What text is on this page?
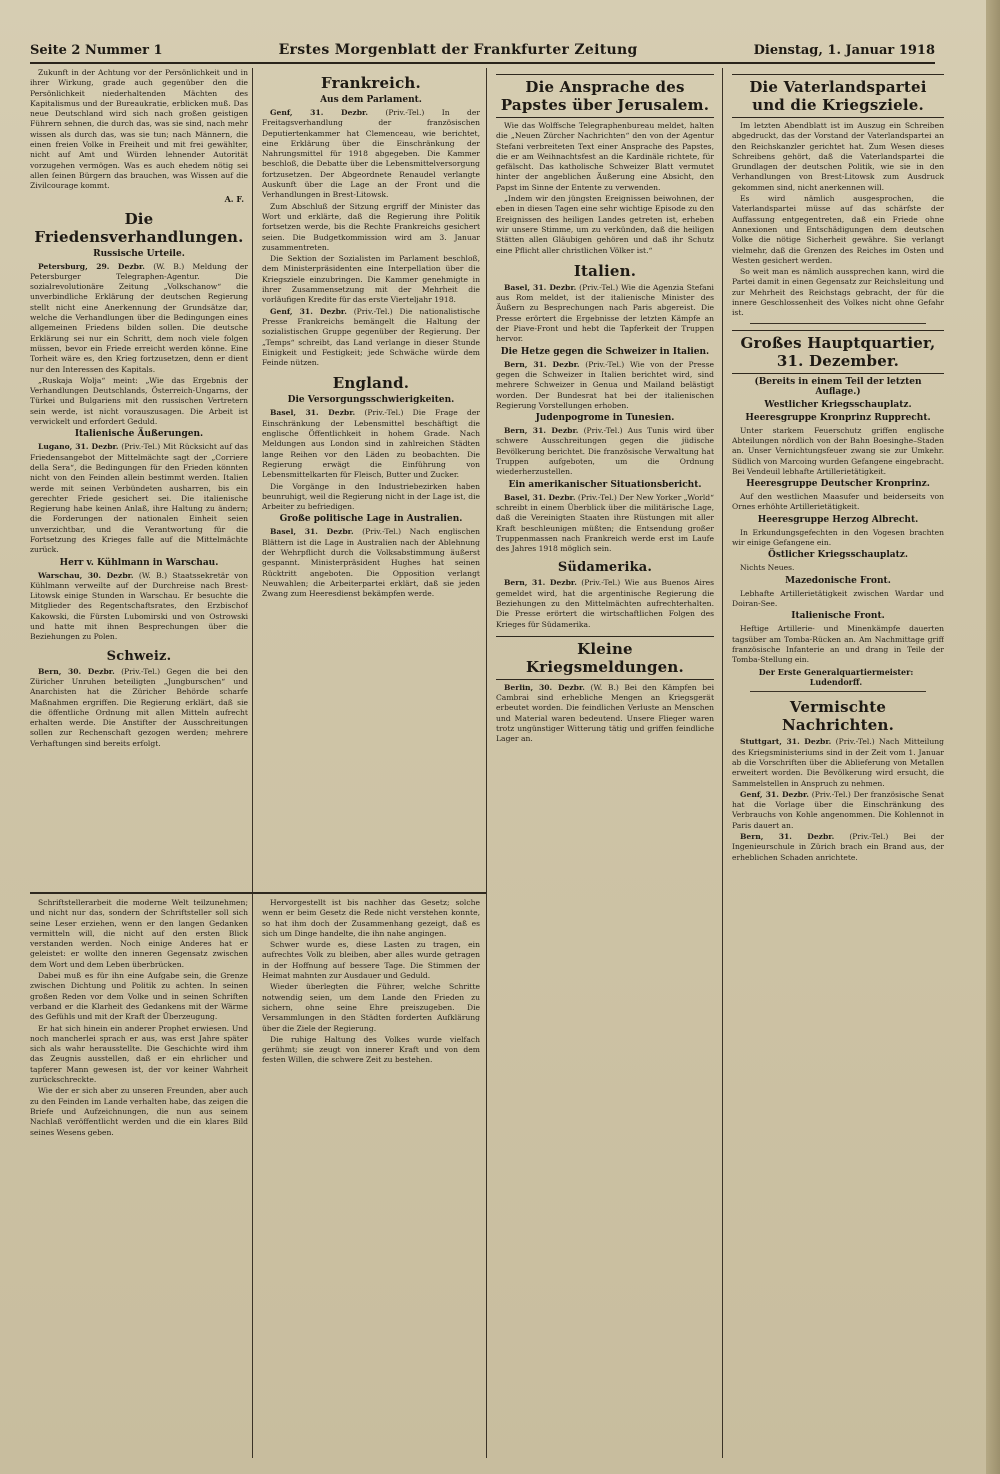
Seite 2 Nummer 1	Erstes Morgenblatt der Frankfurter Zeitung	Dienstag, 1. Januar 1918

Zukunft in der Achtung vor der Persönlichkeit und in ihrer Wirkung, grade auch gegenüber den die Persönlichkeit niederhaltenden Mächten des Kapitalismus und der Bureaukratie, erblicken muß. Das neue Deutschland wird sich nach großen geistigen Führern sehnen, die durch das, was sie sind, nach mehr wissen als durch das, was sie tun; nach Männern, die einen freien Volke in Freiheit und mit frei gewählter, nicht auf Amt und Würden lehnender Autorität vorzugehen vermögen. Was es auch ehedem nötig sei allen ſeinen Bürgern das brauchen, was Wissen auf die Zivilcourage kommt.

A. F.
Die Friedensverhandlungen.
Russische Urteile.

Petersburg, 29. Dezbr. (W. B.) Meldung der Petersburger Telegraphen-Agentur. Die sozialrevolutionäre Zeitung „Volkschanow“ die unverbindliche Erklärung der deutschen Regierung stellt nicht eine Anerkennung der Grundsätze dar, welche die Verhandlungen über die Bedingungen eines allgemeinen Friedens bilden sollen. Die deutsche Erklärung sei nur ein Schritt, dem noch viele folgen müssen, bevor ein Friede erreicht werden könne. Eine Torheit wäre es, den Krieg fortzusetzen, denn er dient nur den Interessen des Kapitals.

„Ruskaja Wolja“ meint: „Wie das Ergebnis der Verhandlungen Deutschlands, Österreich-Ungarns, der Türkei und Bulgariens mit den russischen Vertretern sein werde, ist nicht vorauszusagen. Die Arbeit ist verwickelt und erfordert Geduld.

Italienische Äußerungen.

Lugano, 31. Dezbr. (Priv.-Tel.) Mit Rücksicht auf das Friedensangebot der Mittelmächte sagt der „Corriere della Sera“, die Bedingungen für den Frieden könnten nicht von den Feinden allein bestimmt werden. Italien werde mit seinen Verbündeten ausharren, bis ein gerechter Friede gesichert sei. Die italienische Regierung habe keinen Anlaß, ihre Haltung zu ändern; die Forderungen der nationalen Einheit seien unverzichtbar, und die Verantwortung für die Fortsetzung des Krieges falle auf die Mittelmächte zurück.

Herr v. Kühlmann in Warschau.

Warschau, 30. Dezbr. (W. B.) Staatssekretär von Kühlmann verweilte auf der Durchreise nach Brest-Litowsk einige Stunden in Warschau. Er besuchte die Mitglieder des Regentschaftsrates, den Erzbischof Kakowski, die Fürsten Lubomirski und von Ostrowski und hatte mit ihnen Besprechungen über die Beziehungen zu Polen.

Schweiz.

Bern, 30. Dezbr. (Priv.-Tel.) Gegen die bei den Züricher Unruhen beteiligten „Jungburschen“ und Anarchisten hat die Züricher Behörde scharfe Maßnahmen ergriffen. Die Regierung erklärt, daß sie die öffentliche Ordnung mit allen Mitteln aufrecht erhalten werde. Die Anstifter der Ausschreitungen sollen zur Rechenschaft gezogen werden; mehrere Verhaftungen sind bereits erfolgt.

Schriftstellerarbeit die moderne Welt teilzunehmen; und nicht nur das, sondern der Schriftsteller soll sich seine Leser erziehen, wenn er den langen Gedanken vermitteln will, die nicht auf den ersten Blick verstanden werden. Noch einige Anderes hat er geleistet: er wollte den inneren Gegensatz zwischen dem Wort und dem Leben überbrücken.

Dabei muß es für ihn eine Aufgabe sein, die Grenze zwischen Dichtung und Politik zu achten. In seinen großen Reden vor dem Volke und in seinen Schriften verband er die Klarheit des Gedankens mit der Wärme des Gefühls und mit der Kraft der Überzeugung.

Er hat sich hinein ein anderer Prophet erwiesen. Und noch mancherlei sprach er aus, was erst Jahre später sich als wahr herausstellte. Die Geschichte wird ihm das Zeugnis ausstellen, daß er ein ehrlicher und tapferer Mann gewesen ist, der vor keiner Wahrheit zurückschreckte.

Wie der er sich aber zu unseren Freunden, aber auch zu den Feinden im Lande verhalten habe, das zeigen die Briefe und Aufzeichnungen, die nun aus seinem Nachlaß veröffentlicht werden und die ein klares Bild seines Wesens geben.

Frankreich.
Aus dem Parlament.

Genf, 31. Dezbr. (Priv.-Tel.) In der Freitagsverhandlung der französischen Deputiertenkammer hat Clemenceau, wie berichtet, eine Erklärung über die Einschränkung der Nahrungsmittel für 1918 abgegeben. Die Kammer beschloß, die Debatte über die Lebensmittelversorgung fortzusetzen. Der Abgeordnete Renaudel verlangte Auskunft über die Lage an der Front und die Verhandlungen in Brest-Litowsk.

Zum Abschluß der Sitzung ergriff der Minister das Wort und erklärte, daß die Regierung ihre Politik fortsetzen werde, bis die Rechte Frankreichs gesichert seien. Die Budgetkommission wird am 3. Januar zusammentreten.

Die Sektion der Sozialisten im Parlament beschloß, dem Ministerpräsidenten eine Interpellation über die Kriegsziele einzubringen. Die Kammer genehmigte in ihrer Zusammensetzung mit der Mehrheit die vorläufigen Kredite für das erste Vierteljahr 1918.

Genf, 31. Dezbr. (Priv.-Tel.) Die nationalistische Presse Frankreichs bemängelt die Haltung der sozialistischen Gruppe gegenüber der Regierung. Der „Temps“ schreibt, das Land verlange in dieser Stunde Einigkeit und Festigkeit; jede Schwäche würde dem Feinde nützen.

England.
Die Versorgungsschwierigkeiten.

Basel, 31. Dezbr. (Priv.-Tel.) Die Frage der Einschränkung der Lebensmittel beschäftigt die englische Öffentlichkeit in hohem Grade. Nach Meldungen aus London sind in zahlreichen Städten lange Reihen vor den Läden zu beobachten. Die Regierung erwägt die Einführung von Lebensmittelkarten für Fleisch, Butter und Zucker.

Die Vorgänge in den Industriebezirken haben beunruhigt, weil die Regierung nicht in der Lage ist, die Arbeiter zu befriedigen.

Große politische Lage in Australien.

Basel, 31. Dezbr. (Priv.-Tel.) Nach englischen Blättern ist die Lage in Australien nach der Ablehnung der Wehrpflicht durch die Volksabstimmung äußerst gespannt. Ministerpräsident Hughes hat seinen Rücktritt angeboten. Die Opposition verlangt Neuwahlen; die Arbeiterpartei erklärt, daß sie jeden Zwang zum Heeresdienst bekämpfen werde.

Hervorgestellt ist bis nachher das Gesetz; solche wenn er beim Gesetz die Rede nicht verstehen konnte, so hat ihm doch der Zusammenhang gezeigt, daß es sich um Dinge handelte, die ihn nahe angingen.

Schwer wurde es, diese Lasten zu tragen, ein aufrechtes Volk zu bleiben, aber alles wurde getragen in der Hoffnung auf bessere Tage. Die Stimmen der Heimat mahnten zur Ausdauer und Geduld.

Wieder überlegten die Führer, welche Schritte notwendig seien, um dem Lande den Frieden zu sichern, ohne seine Ehre preiszugeben. Die Versammlungen in den Städten forderten Aufklärung über die Ziele der Regierung.

Die ruhige Haltung des Volkes wurde vielfach gerühmt; sie zeugt von innerer Kraft und von dem festen Willen, die schwere Zeit zu bestehen.

Die Ansprache des Papstes über Jerusalem.

Wie das Wolffsche Telegraphenbureau meldet, halten die „Neuen Zürcher Nachrichten“ den von der Agentur Stefani verbreiteten Text einer Ansprache des Papstes, die er am Weihnachtsfest an die Kardinäle richtete, für gefälscht. Das katholische Schweizer Blatt vermutet hinter der angeblichen Äußerung eine Absicht, den Papst im Sinne der Entente zu verwenden.

„Indem wir den jüngsten Ereignissen beiwohnen, der eben in diesen Tagen eine sehr wichtige Episode zu den Ereignissen des heiligen Landes getreten ist, erheben wir unsere Stimme, um zu verkünden, daß die heiligen Stätten allen Gläubigen gehören und daß ihr Schutz eine Pflicht aller christlichen Völker ist.“

Italien.

Basel, 31. Dezbr. (Priv.-Tel.) Wie die Agenzia Stefani aus Rom meldet, ist der italienische Minister des Äußern zu Besprechungen nach Paris abgereist. Die Presse erörtert die Ergebnisse der letzten Kämpfe an der Piave-Front und hebt die Tapferkeit der Truppen hervor.

Die Hetze gegen die Schweizer in Italien.

Bern, 31. Dezbr. (Priv.-Tel.) Wie von der Presse gegen die Schweizer in Italien berichtet wird, sind mehrere Schweizer in Genua und Mailand belästigt worden. Der Bundesrat hat bei der italienischen Regierung Vorstellungen erhoben.

Judenpogrome in Tunesien.

Bern, 31. Dezbr. (Priv.-Tel.) Aus Tunis wird über schwere Ausschreitungen gegen die jüdische Bevölkerung berichtet. Die französische Verwaltung hat Truppen aufgeboten, um die Ordnung wiederherzustellen.

Ein amerikanischer Situationsbericht.

Basel, 31. Dezbr. (Priv.-Tel.) Der New Yorker „World“ schreibt in einem Überblick über die militärische Lage, daß die Vereinigten Staaten ihre Rüstungen mit aller Kraft beschleunigen müßten; die Entsendung großer Truppenmassen nach Frankreich werde erst im Laufe des Jahres 1918 möglich sein.

Südamerika.

Bern, 31. Dezbr. (Priv.-Tel.) Wie aus Buenos Aires gemeldet wird, hat die argentinische Regierung die Beziehungen zu den Mittelmächten aufrechterhalten. Die Presse erörtert die wirtschaftlichen Folgen des Krieges für Südamerika.

Kleine Kriegsmeldungen.

Berlin, 30. Dezbr. (W. B.) Bei den Kämpfen bei Cambrai sind erhebliche Mengen an Kriegsgerät erbeutet worden. Die feindlichen Verluste an Menschen und Material waren bedeutend. Unsere Flieger waren trotz ungünstiger Witterung tätig und griffen feindliche Lager an.

Die Vaterlandspartei und die Kriegsziele.

Im letzten Abendblatt ist im Auszug ein Schreiben abgedruckt, das der Vorstand der Vaterlandspartei an den Reichskanzler gerichtet hat. Zum Wesen dieses Schreibens gehört, daß die Vaterlandspartei die Grundlagen der deutschen Politik, wie sie in den Verhandlungen von Brest-Litowsk zum Ausdruck gekommen sind, nicht anerkennen will.

Es wird nämlich ausgesprochen, die Vaterlandspartei müsse auf das schärfste der Auffassung entgegentreten, daß ein Friede ohne Annexionen und Entschädigungen dem deutschen Volke die nötige Sicherheit gewähre. Sie verlangt vielmehr, daß die Grenzen des Reiches im Osten und Westen gesichert werden.

So weit man es nämlich aussprechen kann, wird die Partei damit in einen Gegensatz zur Reichsleitung und zur Mehrheit des Reichstags gebracht, der für die innere Geschlossenheit des Volkes nicht ohne Gefahr ist.

Großes Hauptquartier, 31. Dezember.
(Bereits in einem Teil der letzten Auflage.)
Westlicher Kriegsschauplatz.
Heeresgruppe Kronprinz Rupprecht.

Unter starkem Feuerschutz griffen englische Abteilungen nördlich von der Bahn Boesinghe–Staden an. Unser Vernichtungsfeuer zwang sie zur Umkehr. Südlich von Marcoing wurden Gefangene eingebracht. Bei Vendeuil lebhafte Artillerietätigkeit.

Heeresgruppe Deutscher Kronprinz.

Auf den westlichen Maasufer und beiderseits von Ornes erhöhte Artillerietätigkeit.

Heeresgruppe Herzog Albrecht.

In Erkundungsgefechten in den Vogesen brachten wir einige Gefangene ein.

Östlicher Kriegsschauplatz.

Nichts Neues.

Mazedonische Front.

Lebhafte Artillerietätigkeit zwischen Wardar und Doiran-See.

Italienische Front.

Heftige Artillerie- und Minenkämpfe dauerten tagsüber am Tomba-Rücken an. Am Nachmittage griff französische Infanterie an und drang in Teile der Tomba-Stellung ein.

Der Erste Generalquartiermeister: Ludendorff.
Vermischte Nachrichten.

Stuttgart, 31. Dezbr. (Priv.-Tel.) Nach Mitteilung des Kriegsministeriums sind in der Zeit vom 1. Januar ab die Vorschriften über die Ablieferung von Metallen erweitert worden. Die Bevölkerung wird ersucht, die Sammelstellen in Anspruch zu nehmen.

Genf, 31. Dezbr. (Priv.-Tel.) Der französische Senat hat die Vorlage über die Einschränkung des Verbrauchs von Kohle angenommen. Die Kohlennot in Paris dauert an.

Bern, 31. Dezbr. (Priv.-Tel.) Bei der Ingenieurschule in Zürich brach ein Brand aus, der erheblichen Schaden anrichtete.
